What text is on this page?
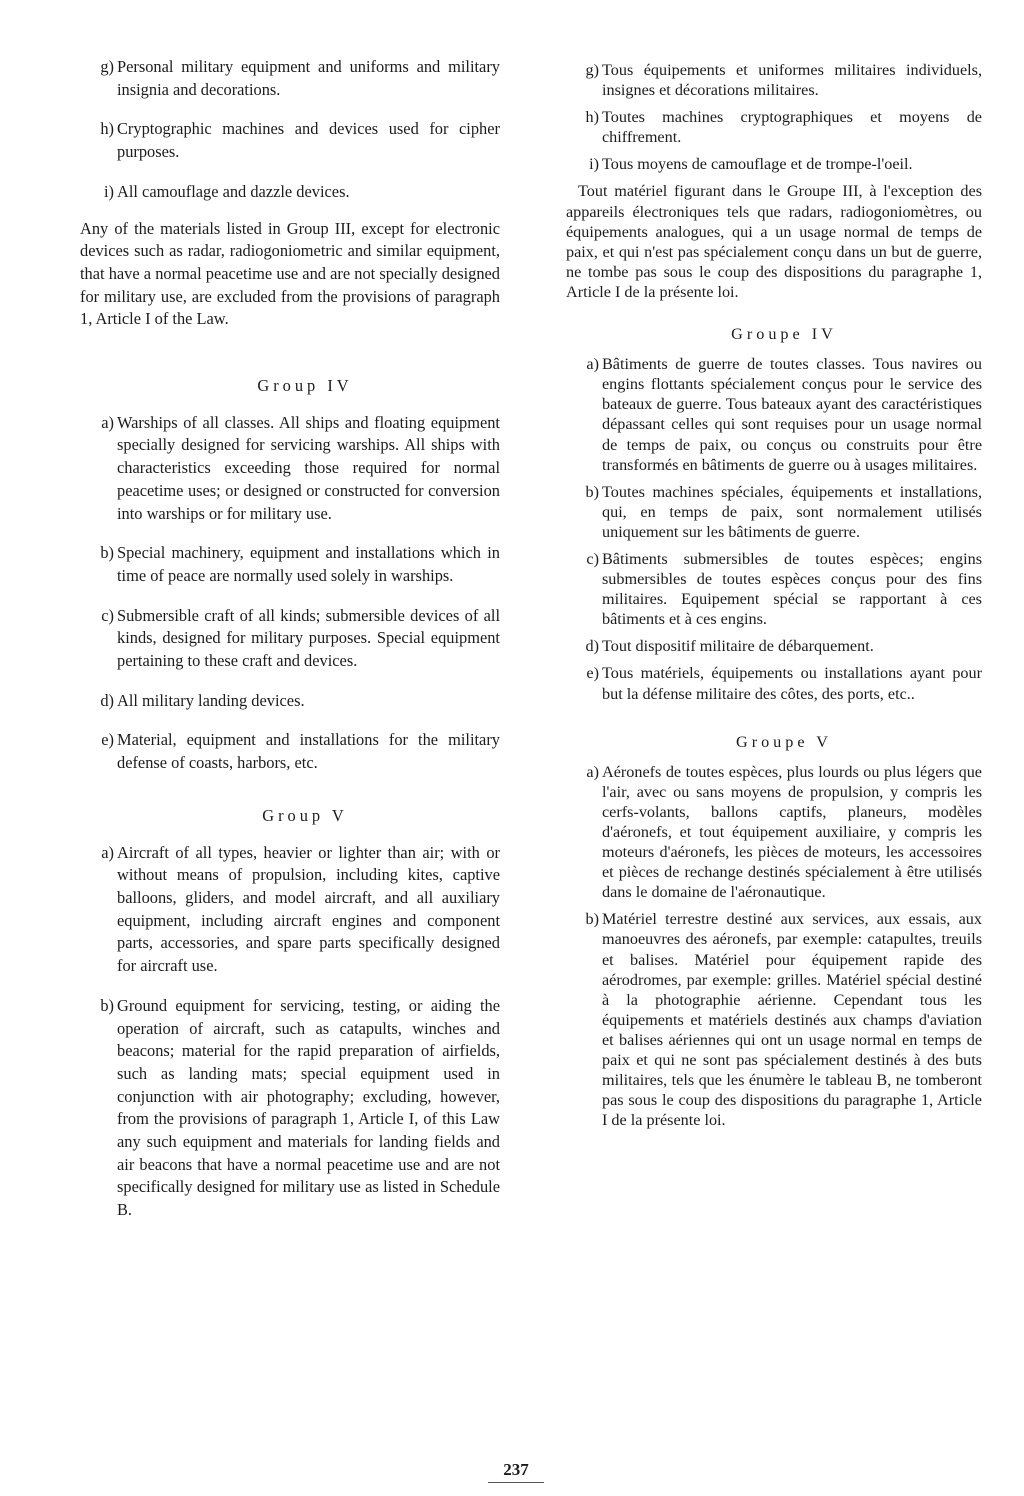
g) Personal military equipment and uniforms and military insignia and decorations.
h) Cryptographic machines and devices used for cipher purposes.
i) All camouflage and dazzle devices.

Any of the materials listed in Group III, except for electronic devices such as radar, radiogoniometric and similar equipment, that have a normal peacetime use and are not specially designed for military use, are excluded from the provisions of paragraph 1, Article I of the Law.

Group IV

a) Warships of all classes. All ships and floating equipment specially designed for servicing warships. All ships with characteristics exceeding those required for normal peacetime uses; or designed or constructed for conversion into warships or for military use.
b) Special machinery, equipment and installations which in time of peace are normally used solely in warships.
c) Submersible craft of all kinds; submersible devices of all kinds, designed for military purposes. Special equipment pertaining to these craft and devices.
d) All military landing devices.
e) Material, equipment and installations for the military defense of coasts, harbors, etc.

Group V

a) Aircraft of all types, heavier or lighter than air; with or without means of propulsion, including kites, captive balloons, gliders, and model aircraft, and all auxiliary equipment, including aircraft engines and component parts, accessories, and spare parts specifically designed for aircraft use.
b) Ground equipment for servicing, testing, or aiding the operation of aircraft, such as catapults, winches and beacons; material for the rapid preparation of airfields, such as landing mats; special equipment used in conjunction with air photography; excluding, however, from the provisions of paragraph 1, Article I, of this Law any such equipment and materials for landing fields and air beacons that have a normal peacetime use and are not specifically designed for military use as listed in Schedule B.
g) Tous équipements et uniformes militaires individuels, insignes et décorations militaires.
h) Toutes machines cryptographiques et moyens de chiffrement.
i) Tous moyens de camouflage et de trompe-l'oeil.

Tout matériel figurant dans le Groupe III, à l'exception des appareils électroniques tels que radars, radiogoniomètres, ou équipements analogues, qui a un usage normal de temps de paix, et qui n'est pas spécialement conçu dans un but de guerre, ne tombe pas sous le coup des dispositions du paragraphe 1, Article I de la présente loi.

Groupe IV

a) Bâtiments de guerre de toutes classes. Tous navires ou engins flottants spécialement conçus pour le service des bateaux de guerre. Tous bateaux ayant des caractéristiques dépassant celles qui sont requises pour un usage normal de temps de paix, ou conçus ou construits pour être transformés en bâtiments de guerre ou à usages militaires.
b) Toutes machines spéciales, équipements et installations, qui, en temps de paix, sont normalement utilisés uniquement sur les bâtiments de guerre.
c) Bâtiments submersibles de toutes espèces; engins submersibles de toutes espèces conçus pour des fins militaires. Equipement spécial se rapportant à ces bâtiments et à ces engins.
d) Tout dispositif militaire de débarquement.
e) Tous matériels, équipements ou installations ayant pour but la défense militaire des côtes, des ports, etc..

Groupe V

a) Aéronefs de toutes espèces, plus lourds ou plus légers que l'air, avec ou sans moyens de propulsion, y compris les cerfs-volants, ballons captifs, planeurs, modèles d'aéronefs, et tout équipement auxiliaire, y compris les moteurs d'aéronefs, les pièces de moteurs, les accessoires et pièces de rechange destinés spécialement à être utilisés dans le domaine de l'aéronautique.
b) Matériel terrestre destiné aux services, aux essais, aux manoeuvres des aéronefs, par exemple: catapultes, treuils et balises. Matériel pour équipement rapide des aérodromes, par exemple: grilles. Matériel spécial destiné à la photographie aérienne. Cependant tous les équipements et matériels destinés aux champs d'aviation et balises aériennes qui ont un usage normal en temps de paix et qui ne sont pas spécialement destinés à des buts militaires, tels que les énumère le tableau B, ne tomberont pas sous le coup des dispositions du paragraphe 1, Article I de la présente loi.
237
